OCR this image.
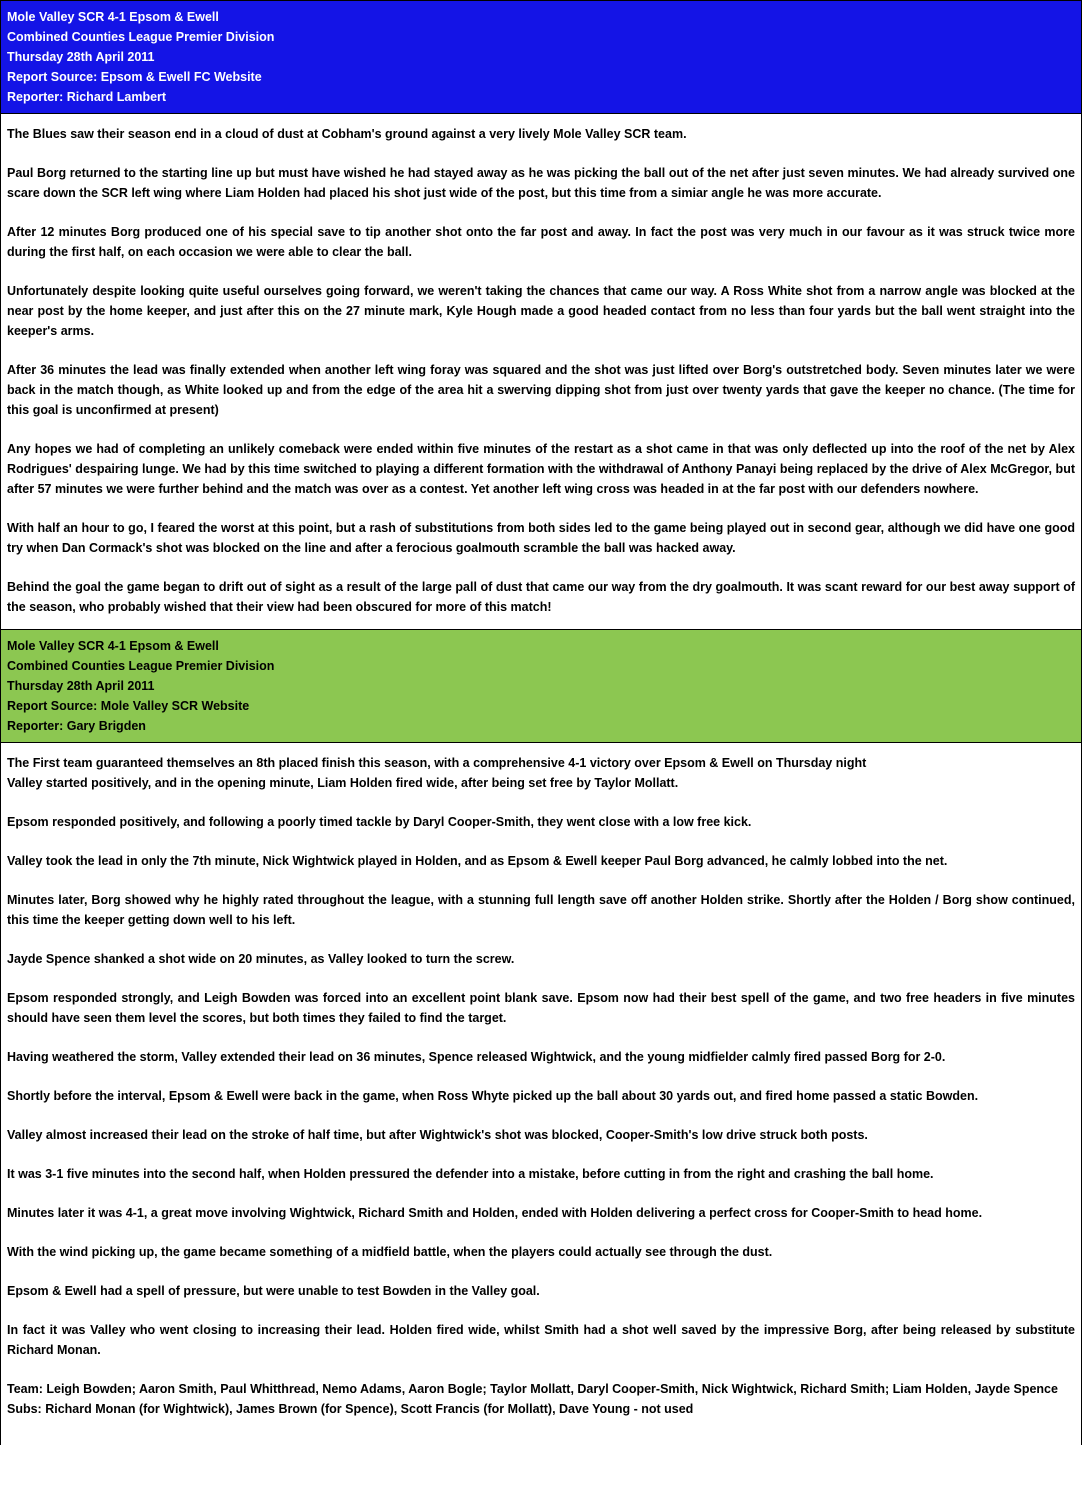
Mole Valley SCR 4-1 Epsom & Ewell
Combined Counties League Premier Division
Thursday 28th April 2011
Report Source: Epsom & Ewell FC Website
Reporter: Richard Lambert

The Blues saw their season end in a cloud of dust at Cobham's ground against a very lively Mole Valley SCR team.

Paul Borg returned to the starting line up but must have wished he had stayed away as he was picking the ball out of the net after just seven minutes. We had already survived one scare down the SCR left wing where Liam Holden had placed his shot just wide of the post, but this time from a simiar angle he was more accurate.

After 12 minutes Borg produced one of his special save to tip another shot onto the far post and away. In fact the post was very much in our favour as it was struck twice more during the first half, on each occasion we were able to clear the ball.

Unfortunately despite looking quite useful ourselves going forward, we weren't taking the chances that came our way. A Ross White shot from a narrow angle was blocked at the near post by the home keeper, and just after this on the 27 minute mark, Kyle Hough made a good headed contact from no less than four yards but the ball went straight into the keeper's arms.

After 36 minutes the lead was finally extended when another left wing foray was squared and the shot was just lifted over Borg's outstretched body. Seven minutes later we were back in the match though, as White looked up and from the edge of the area hit a swerving dipping shot from just over twenty yards that gave the keeper no chance. (The time for this goal is unconfirmed at present)

Any hopes we had of completing an unlikely comeback were ended within five minutes of the restart as a shot came in that was only deflected up into the roof of the net by Alex Rodrigues' despairing lunge. We had by this time switched to playing a different formation with the withdrawal of Anthony Panayi being replaced by the drive of Alex McGregor, but after 57 minutes we were further behind and the match was over as a contest. Yet another left wing cross was headed in at the far post with our defenders nowhere.

With half an hour to go, I feared the worst at this point, but a rash of substitutions from both sides led to the game being played out in second gear, although we did have one good try when Dan Cormack's shot was blocked on the line and after a ferocious goalmouth scramble the ball was hacked away.

Behind the goal the game began to drift out of sight as a result of the large pall of dust that came our way from the dry goalmouth. It was scant reward for our best away support of the season, who probably wished that their view had been obscured for more of this match!

Mole Valley SCR 4-1 Epsom & Ewell
Combined Counties League Premier Division
Thursday 28th April 2011
Report Source: Mole Valley SCR Website
Reporter: Gary Brigden

The First team guaranteed themselves an 8th placed finish this season, with a comprehensive 4-1 victory over Epsom & Ewell on Thursday night

Valley started positively, and in the opening minute, Liam Holden fired wide, after being set free by Taylor Mollatt.

Epsom responded positively, and following a poorly timed tackle by Daryl Cooper-Smith, they went close with a low free kick.

Valley took the lead in only the 7th minute, Nick Wightwick played in Holden, and as Epsom & Ewell keeper Paul Borg advanced, he calmly lobbed into the net.

Minutes later, Borg showed why he highly rated throughout the league, with a stunning full length save off another Holden strike. Shortly after the Holden / Borg show continued, this time the keeper getting down well to his left.

Jayde Spence shanked a shot wide on 20 minutes, as Valley looked to turn the screw.

Epsom responded strongly, and Leigh Bowden was forced into an excellent point blank save. Epsom now had their best spell of the game, and two free headers in five minutes should have seen them level the scores, but both times they failed to find the target.

Having weathered the storm, Valley extended their lead on 36 minutes, Spence released Wightwick, and the young midfielder calmly fired passed Borg for 2-0.

Shortly before the interval, Epsom & Ewell were back in the game, when Ross Whyte picked up the ball about 30 yards out, and fired home passed a static Bowden.

Valley almost increased their lead on the stroke of half time, but after Wightwick's shot was blocked, Cooper-Smith's low drive struck both posts.

It was 3-1 five minutes into the second half, when Holden pressured the defender into a mistake, before cutting in from the right and crashing the ball home.

Minutes later it was 4-1, a great move involving Wightwick, Richard Smith and Holden, ended with Holden delivering a perfect cross for Cooper-Smith to head home.

With the wind picking up, the game became something of a midfield battle, when the players could actually see through the dust.

Epsom & Ewell had a spell of pressure, but were unable to test Bowden in the Valley goal.

In fact it was Valley who went closing to increasing their lead. Holden fired wide, whilst Smith had a shot well saved by the impressive Borg, after being released by substitute Richard Monan.

Team: Leigh Bowden; Aaron Smith, Paul Whitthread, Nemo Adams, Aaron Bogle; Taylor Mollatt, Daryl Cooper-Smith, Nick Wightwick, Richard Smith; Liam Holden, Jayde Spence

Subs: Richard Monan (for Wightwick), James Brown (for Spence), Scott Francis (for Mollatt), Dave Young - not used
